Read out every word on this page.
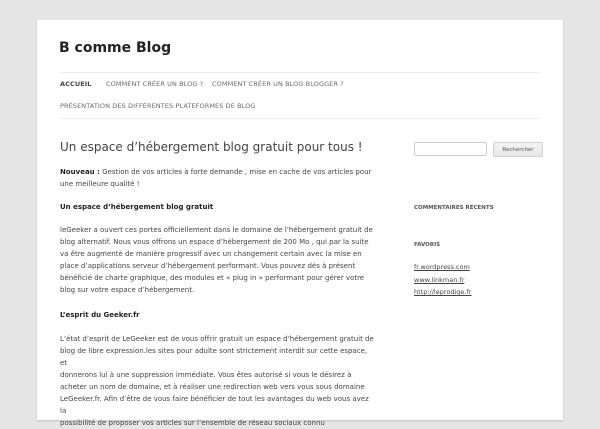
B comme Blog
ACCUEIL COMMENT CRÉER UN BLOG ? COMMENT CRÉER UN BLOG BLOGGER ?
PRÉSENTATION DES DIFFÉRENTES PLATEFORMES DE BLOG
Un espace d’hébergement blog gratuit pour tous !
Nouveau : Gestion de vos articles à forte demande , mise en cache de vos articles pour
une meilleure qualité !
Un espace d’hébergement blog gratuit
leGeeker a ouvert ces portes officiellement dans le domaine de l’hébergement gratuit de
blog alternatif. Nous vous offrons un espace d’hébergement de 200 Mo , qui par la suite
va être augmenté de manière progressif avec un changement certain avec la mise en
place d’applications serveur d’hébergement performant. Vous pouvez dés à présent
bénéficié de charte graphique, des modules et « plug in » performant pour gérer votre
blog sur votre espace d’hébergement.
L’esprit du Geeker.fr
L’état d’esprit de LeGeeker est de vous offrir gratuit un espace d’hébergement gratuit de
blog de libre expression.les sites pour adulte sont strictement interdit sur cette espace, et
donnerons lui à une suppression immédiate. Vous êtes autorisé si vous le désirez à
acheter un nom de domaine, et à réaliser une redirection web vers vous sous domaine
LeGeeker.fr. Afin d’être de vous faire bénéficier de tout les avantages du web vous avez la
possibilité de proposer vos articles sur l’ensemble de réseau sociaux connu
Rechercher
COMMENTAIRES RÉCENTS
FAVORIS
fr.wordpress.com
www.linkman.fr
http://leprodige.fr
